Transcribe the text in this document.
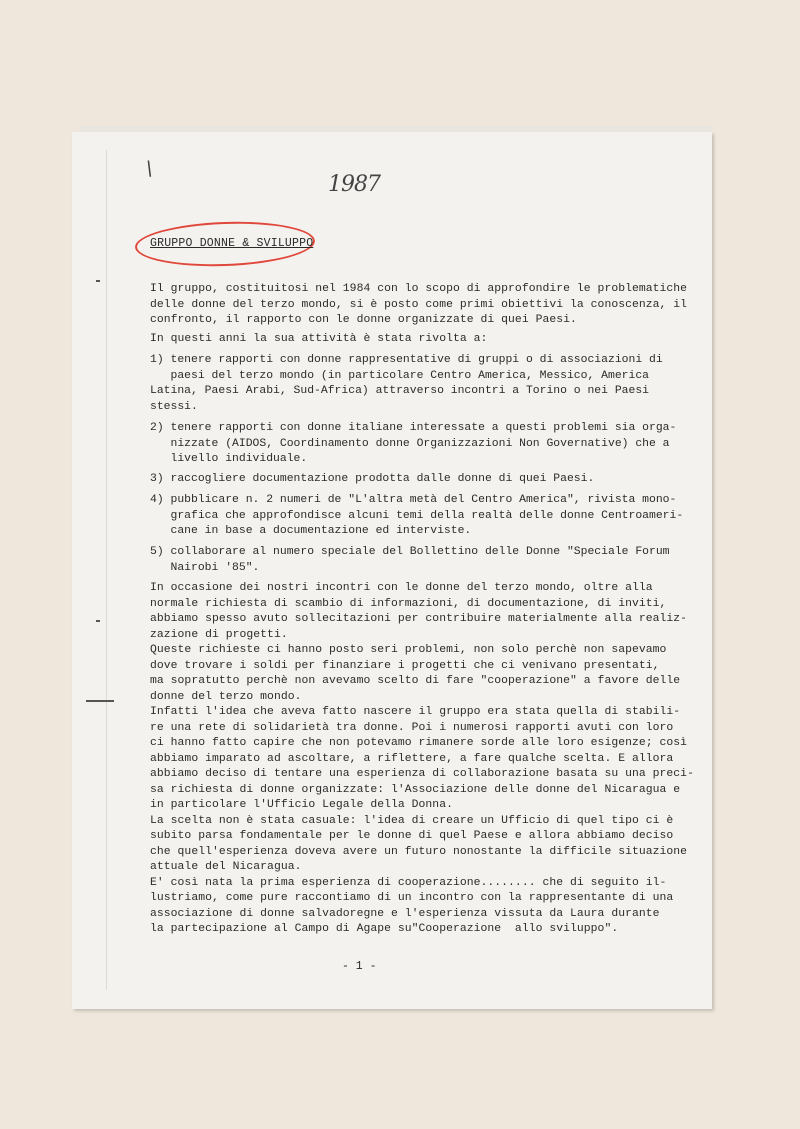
\
1987
GRUPPO DONNE & SVILUPPO
Il gruppo, costituitosi nel 1984 con lo scopo di approfondire le problematiche
delle donne del terzo mondo, si è posto come primi obiettivi la conoscenza,
confronto, il rapporto con le donne organizzate di quei Paesi.
In questi anni la sua attività è stata rivolta a:
1) tenere rapporti con donne rappresentative di gruppi o di associazioni
paesi del terzo mondo (in particolare Centro America, Messico, America
Latina, Paesi Arabi, Sud-Africa) attraverso incontri a Torino o nei Paesi
stessi.
2) tenere rapporti con donne italiane interessate a questi problemi sia
nizzate (AIDOS, Coordinamento donne Organizzazioni Non Governative) che
livello individuale.
3) raccogliere documentazione prodotta dalle donne di quei Paesi.
4) pubblicare n. 2 numeri de "L'altra metà del Centro America", rivista
grafica che approfondisce alcuni temi della realtà delle donne Centroameri-
cane in base a documentazione ed interviste.
5) collaborare al numero speciale del Bollettino delle Donne "Speciale
Nairobi '85".
In occasione dei nostri incontri con le donne del terzo mondo, oltre alla
normale richiesta di scambio di informazioni, di documentazione, di inviti,
abbiamo spesso avuto sollecitazioni per contribuire materialmente alla
zazione di progetti.
Queste richieste ci hanno posto seri problemi, non solo perchè non sapevamo
dove trovare i soldi per finanziare i progetti che ci venivano presentati,
ma sopratutto perchè non avevamo scelto di fare "cooperazione" a favore
donne del terzo mondo.
Infatti l'idea che aveva fatto nascere il gruppo era stata quella di
re una rete di solidarietà tra donne. Poi i numerosi rapporti avuti con
ci hanno fatto capire che non potevamo rimanere sorde alle loro esigenze;
abbiamo imparato ad ascoltare, a riflettere, a fare qualche scelta. E
abbiamo deciso di tentare una esperienza di collaborazione basata su una
sa richiesta di donne organizzate: l'Associazione delle donne del Nicaragua
in particolare l'Ufficio Legale della Donna.
La scelta non è stata casuale: l'idea di creare un Ufficio di quel tipo
subito parsa fondamentale per le donne di quel Paese e allora abbiamo
che quell'esperienza doveva avere un futuro nonostante la difficile
attuale del Nicaragua.
E' così nata la prima esperienza di cooperazione........ che di seguito
lustriamo, come pure raccontiamo di un incontro con la rappresentante di
associazione di donne salvadoregne e l'esperienza vissuta da Laura durante
la partecipazione al Campo di Agape su"Cooperazione  allo sviluppo".
- 1 -
